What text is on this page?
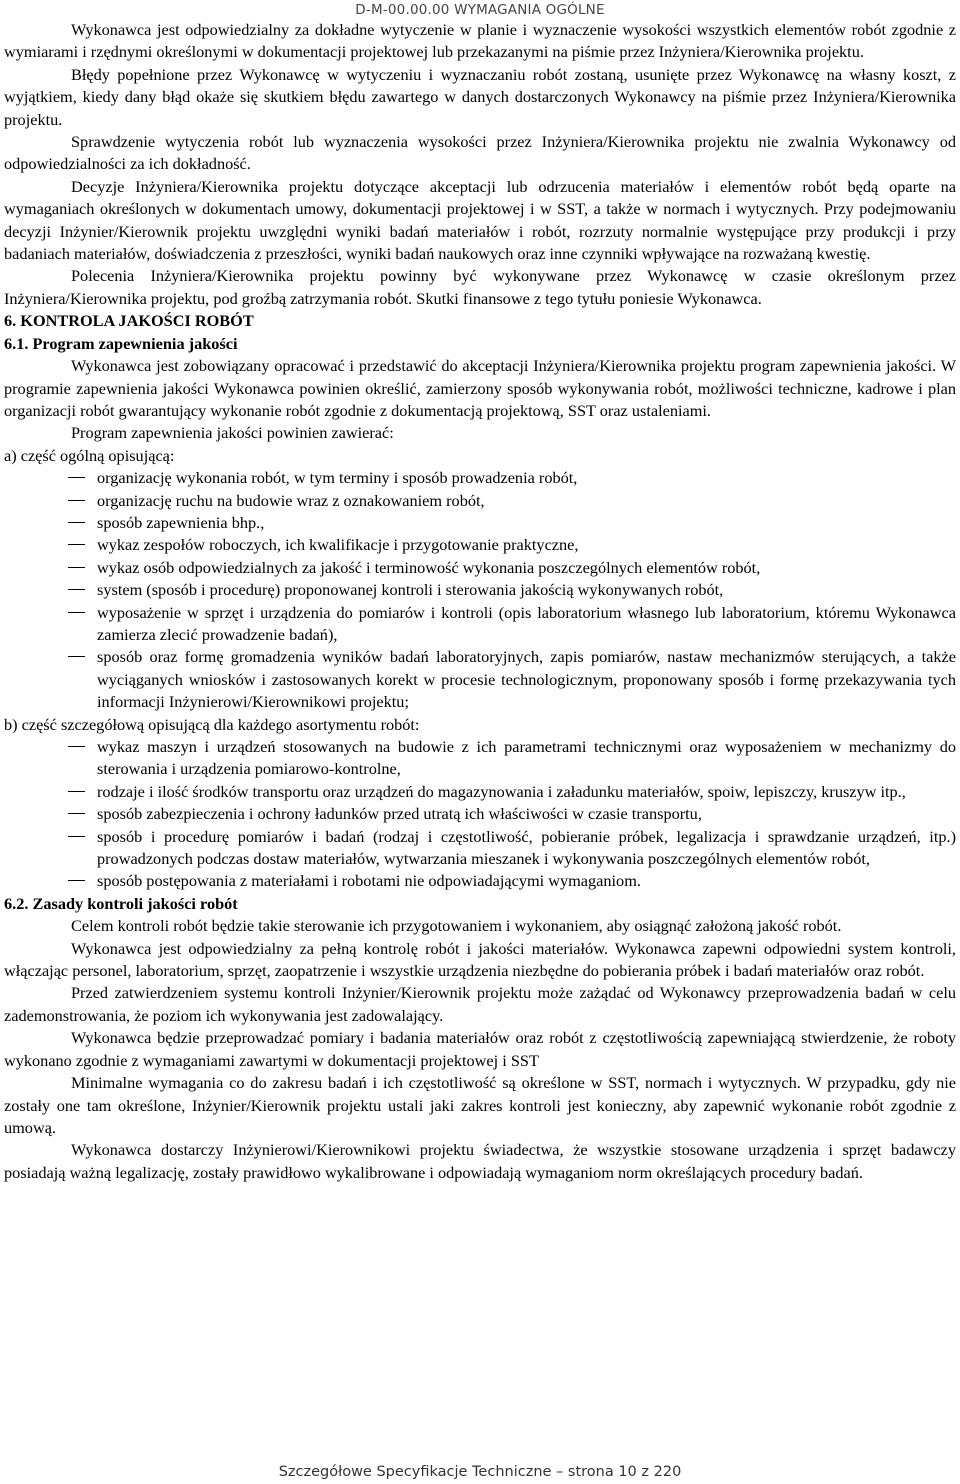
D-M-00.00.00 WYMAGANIA OGÓLNE

Wykonawca jest odpowiedzialny za dokładne wytyczenie w planie i wyznaczenie wysokości wszystkich elementów robót zgodnie z wymiarami i rzędnymi określonymi w dokumentacji projektowej lub przekazanymi na piśmie przez Inżyniera/Kierownika projektu.

Błędy popełnione przez Wykonawcę w wytyczeniu i wyznaczaniu robót zostaną, usunięte przez Wykonawcę na własny koszt, z wyjątkiem, kiedy dany błąd okaże się skutkiem błędu zawartego w danych dostarczonych Wykonawcy na piśmie przez Inżyniera/Kierownika projektu.

Sprawdzenie wytyczenia robót lub wyznaczenia wysokości przez Inżyniera/Kierownika projektu nie zwalnia Wykonawcy od odpowiedzialności za ich dokładność.

Decyzje Inżyniera/Kierownika projektu dotyczące akceptacji lub odrzucenia materiałów i elementów robót będą oparte na wymaganiach określonych w dokumentach umowy, dokumentacji projektowej i w SST, a także w normach i wytycznych. Przy podejmowaniu decyzji Inżynier/Kierownik projektu uwzględni wyniki badań materiałów i robót, rozrzuty normalnie występujące przy produkcji i przy badaniach materiałów, doświadczenia z przeszłości, wyniki badań naukowych oraz inne czynniki wpływające na rozważaną kwestię.

Polecenia Inżyniera/Kierownika projektu powinny być wykonywane przez Wykonawcę w czasie określonym przez Inżyniera/Kierownika projektu, pod groźbą zatrzymania robót. Skutki finansowe z tego tytułu poniesie Wykonawca.

6. KONTROLA JAKOŚCI ROBÓT

6.1. Program zapewnienia jakości

Wykonawca jest zobowiązany opracować i przedstawić do akceptacji Inżyniera/Kierownika projektu program zapewnienia jakości. W programie zapewnienia jakości Wykonawca powinien określić, zamierzony sposób wykonywania robót, możliwości techniczne, kadrowe i plan organizacji robót gwarantujący wykonanie robót zgodnie z dokumentacją projektową, SST oraz ustaleniami.

Program zapewnienia jakości powinien zawierać:

a) część ogólną opisującą:

organizację wykonania robót, w tym terminy i sposób prowadzenia robót,
organizację ruchu na budowie wraz z oznakowaniem robót,
sposób zapewnienia bhp.,
wykaz zespołów roboczych, ich kwalifikacje i przygotowanie praktyczne,
wykaz osób odpowiedzialnych za jakość i terminowość wykonania poszczególnych elementów robót,
system (sposób i procedurę) proponowanej kontroli i sterowania jakością wykonywanych robót,
wyposażenie w sprzęt i urządzenia do pomiarów i kontroli (opis laboratorium własnego lub laboratorium, któremu Wykonawca zamierza zlecić prowadzenie badań),
sposób oraz formę gromadzenia wyników badań laboratoryjnych, zapis pomiarów, nastaw mechanizmów sterujących, a także wyciąganych wniosków i zastosowanych korekt w procesie technologicznym, proponowany sposób i formę przekazywania tych informacji Inżynierowi/Kierownikowi projektu;

b) część szczegółową opisującą dla każdego asortymentu robót:

wykaz maszyn i urządzeń stosowanych na budowie z ich parametrami technicznymi oraz wyposażeniem w mechanizmy do sterowania i urządzenia pomiarowo-kontrolne,
rodzaje i ilość środków transportu oraz urządzeń do magazynowania i załadunku materiałów, spoiw, lepiszczy, kruszyw itp.,
sposób zabezpieczenia i ochrony ładunków przed utratą ich właściwości w czasie transportu,
sposób i procedurę pomiarów i badań (rodzaj i częstotliwość, pobieranie próbek, legalizacja i sprawdzanie urządzeń, itp.) prowadzonych podczas dostaw materiałów, wytwarzania mieszanek i wykonywania poszczególnych elementów robót,
sposób postępowania z materiałami i robotami nie odpowiadającymi wymaganiom.

6.2. Zasady kontroli jakości robót

Celem kontroli robót będzie takie sterowanie ich przygotowaniem i wykonaniem, aby osiągnąć założoną jakość robót.

Wykonawca jest odpowiedzialny za pełną kontrolę robót i jakości materiałów. Wykonawca zapewni odpowiedni system kontroli, włączając personel, laboratorium, sprzęt, zaopatrzenie i wszystkie urządzenia niezbędne do pobierania próbek i badań materiałów oraz robót.

Przed zatwierdzeniem systemu kontroli Inżynier/Kierownik projektu może zażądać od Wykonawcy przeprowadzenia badań w celu zademonstrowania, że poziom ich wykonywania jest zadowalający.

Wykonawca będzie przeprowadzać pomiary i badania materiałów oraz robót z częstotliwością zapewniającą stwierdzenie, że roboty wykonano zgodnie z wymaganiami zawartymi w dokumentacji projektowej i SST

Minimalne wymagania co do zakresu badań i ich częstotliwość są określone w SST, normach i wytycznych. W przypadku, gdy nie zostały one tam określone, Inżynier/Kierownik projektu ustali jaki zakres kontroli jest konieczny, aby zapewnić wykonanie robót zgodnie z umową.

Wykonawca dostarczy Inżynierowi/Kierownikowi projektu świadectwa, że wszystkie stosowane urządzenia i sprzęt badawczy posiadają ważną legalizację, zostały prawidłowo wykalibrowane i odpowiadają wymaganiom norm określających procedury badań.

Szczegółowe Specyfikacje Techniczne – strona 10 z 220
